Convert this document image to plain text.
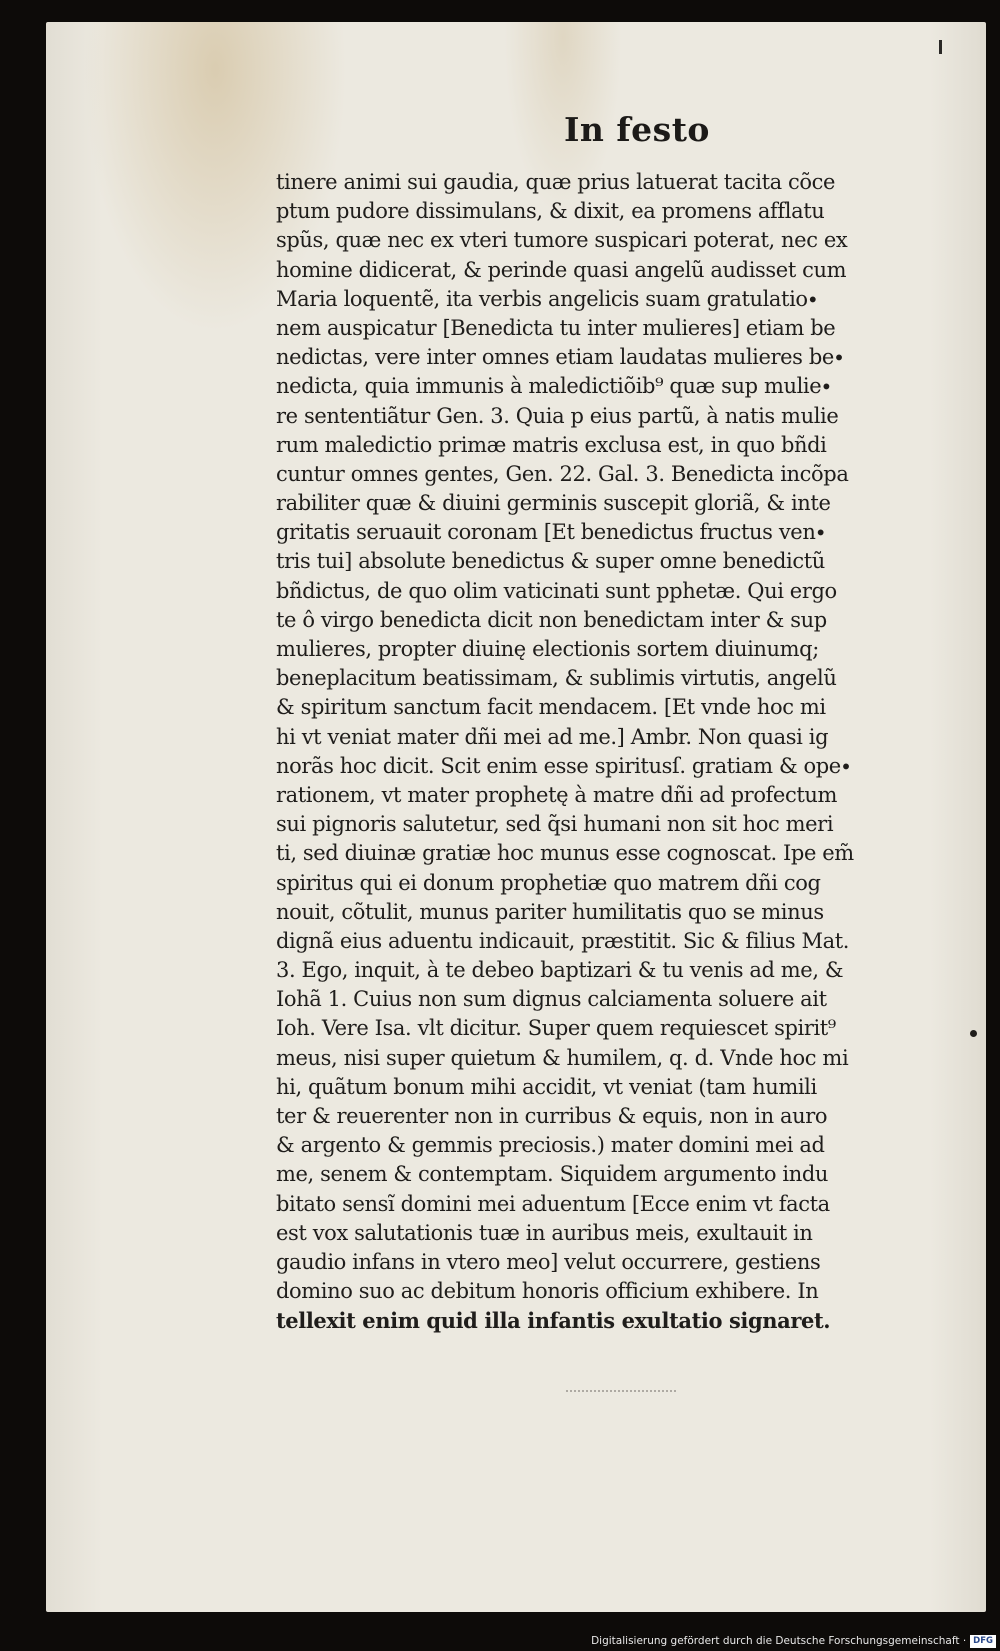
In festo
tinere animi sui gaudia, quæ prius latuerat tacita cõce
ptum pudore dissimulans, & dixit, ea promens afflatu
spũs, quæ nec ex vteri tumore suspicari poterat, nec ex
homine didicerat, & perinde quasi angelũ audisset cum
Maria loquentẽ, ita verbis angelicis suam gratulatio∙
nem auspicatur [Benedicta tu inter mulieres] etiam be
nedictas, vere inter omnes etiam laudatas mulieres be∙
nedicta, quia immunis à maledictiõib⁹ quæ sup mulie∙
re sententiãtur Gen. 3. Quia p eius partũ, à natis mulie
rum maledictio primæ matris exclusa est, in quo bñdi
cuntur omnes gentes, Gen. 22. Gal. 3. Benedicta incõpa
rabiliter quæ & diuini germinis suscepit gloriã, & inte
gritatis seruauit coronam [Et benedictus fructus ven∙
tris tui] absolute benedictus & super omne benedictũ
bñdictus, de quo olim vaticinati sunt pphetæ. Qui ergo
te ô virgo benedicta dicit non benedictam inter & sup
mulieres, propter diuinę electionis sortem diuinumq;
beneplacitum beatissimam, & sublimis virtutis, angelũ
& spiritum sanctum facit mendacem. [Et vnde hoc mi
hi vt veniat mater dñi mei ad me.] Ambr. Non quasi ig
norãs hoc dicit. Scit enim esse spiritusſ. gratiam & ope∙
rationem, vt mater prophetę à matre dñi ad profectum
sui pignoris salutetur, sed q̃si humani non sit hoc meri
ti, sed diuinæ gratiæ hoc munus esse cognoscat. Ipe em̃
spiritus qui ei donum prophetiæ quo matrem dñi cog
nouit, cõtulit, munus pariter humilitatis quo se minus
dignã eius aduentu indicauit, præstitit. Sic & filius Mat.
3. Ego, inquit, à te debeo baptizari & tu venis ad me, &
Iohã 1. Cuius non sum dignus calciamenta soluere ait
Ioh. Vere Isa. vlt dicitur. Super quem requiescet spirit⁹
meus, nisi super quietum & humilem, q. d. Vnde hoc mi
hi, quãtum bonum mihi accidit, vt veniat (tam humili
ter & reuerenter non in curribus & equis, non in auro
& argento & gemmis preciosis.) mater domini mei ad
me, senem & contemptam. Siquidem argumento indu
bitato sensĩ domini mei aduentum [Ecce enim vt facta
est vox salutationis tuæ in auribus meis, exultauit in
gaudio infans in vtero meo] velut occurrere, gestiens
domino suo ac debitum honoris officium exhibere. In
tellexit enim quid illa infantis exultatio signaret.
Digitalisierung gefördert durch die Deutsche Forschungsgemeinschaft · DFG
